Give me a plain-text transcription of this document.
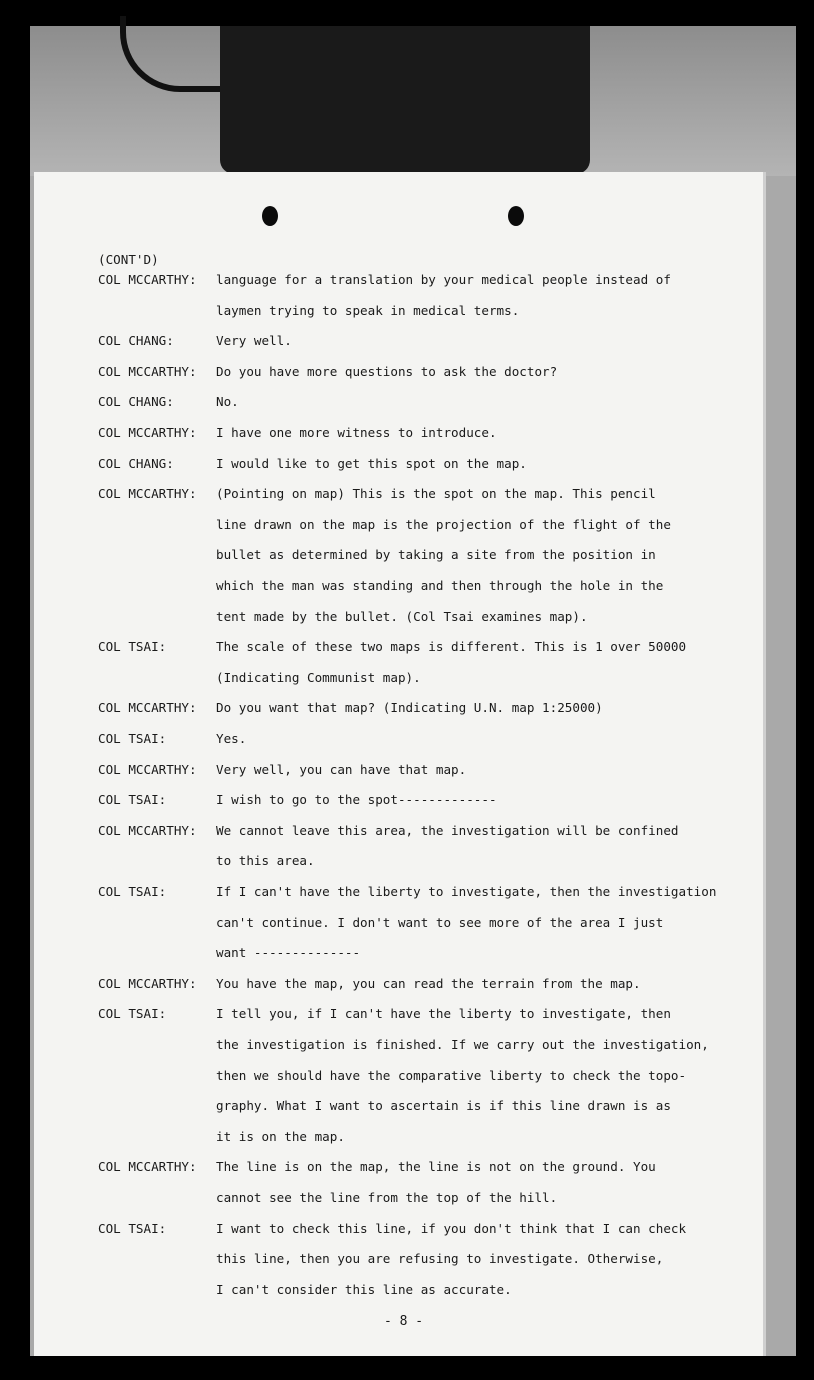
(CONT'D)
COL MCCARTHY:	language for a translation by your medical people instead of
laymen trying to speak in medical terms.
COL CHANG:	Very well.
COL MCCARTHY:	Do you have more questions to ask the doctor?
COL CHANG:	No.
COL MCCARTHY:	I have one more witness to introduce.
COL CHANG:	I would like to get this spot on the map.
COL MCCARTHY:	(Pointing on map) This is the spot on the map. This pencil
line drawn on the map is the projection of the flight of the
bullet as determined by taking a site from the position in
which the man was standing and then through the hole in the
tent made by the bullet. (Col Tsai examines map).
COL TSAI:	The scale of these two maps is different. This is 1 over 50000
(Indicating Communist map).
COL MCCARTHY:	Do you want that map? (Indicating U.N. map 1:25000)
COL TSAI:	Yes.
COL MCCARTHY:	Very well, you can have that map.
COL TSAI:	I wish to go to the spot-------------
COL MCCARTHY:	We cannot leave this area, the investigation will be confined
to this area.
COL TSAI:	If I can't have the liberty to investigate, then the investigation
can't continue. I don't want to see more of the area I just
want --------------
COL MCCARTHY:	You have the map, you can read the terrain from the map.
COL TSAI:	I tell you, if I can't have the liberty to investigate, then
the investigation is finished. If we carry out the investigation,
then we should have the comparative liberty to check the topo-
graphy. What I want to ascertain is if this line drawn is as
it is on the map.
COL MCCARTHY:	The line is on the map, the line is not on the ground. You
cannot see the line from the top of the hill.
COL TSAI:	I want to check this line, if you don't think that I can check
this line, then you are refusing to investigate. Otherwise,
I can't consider this line as accurate.
- 8 -
